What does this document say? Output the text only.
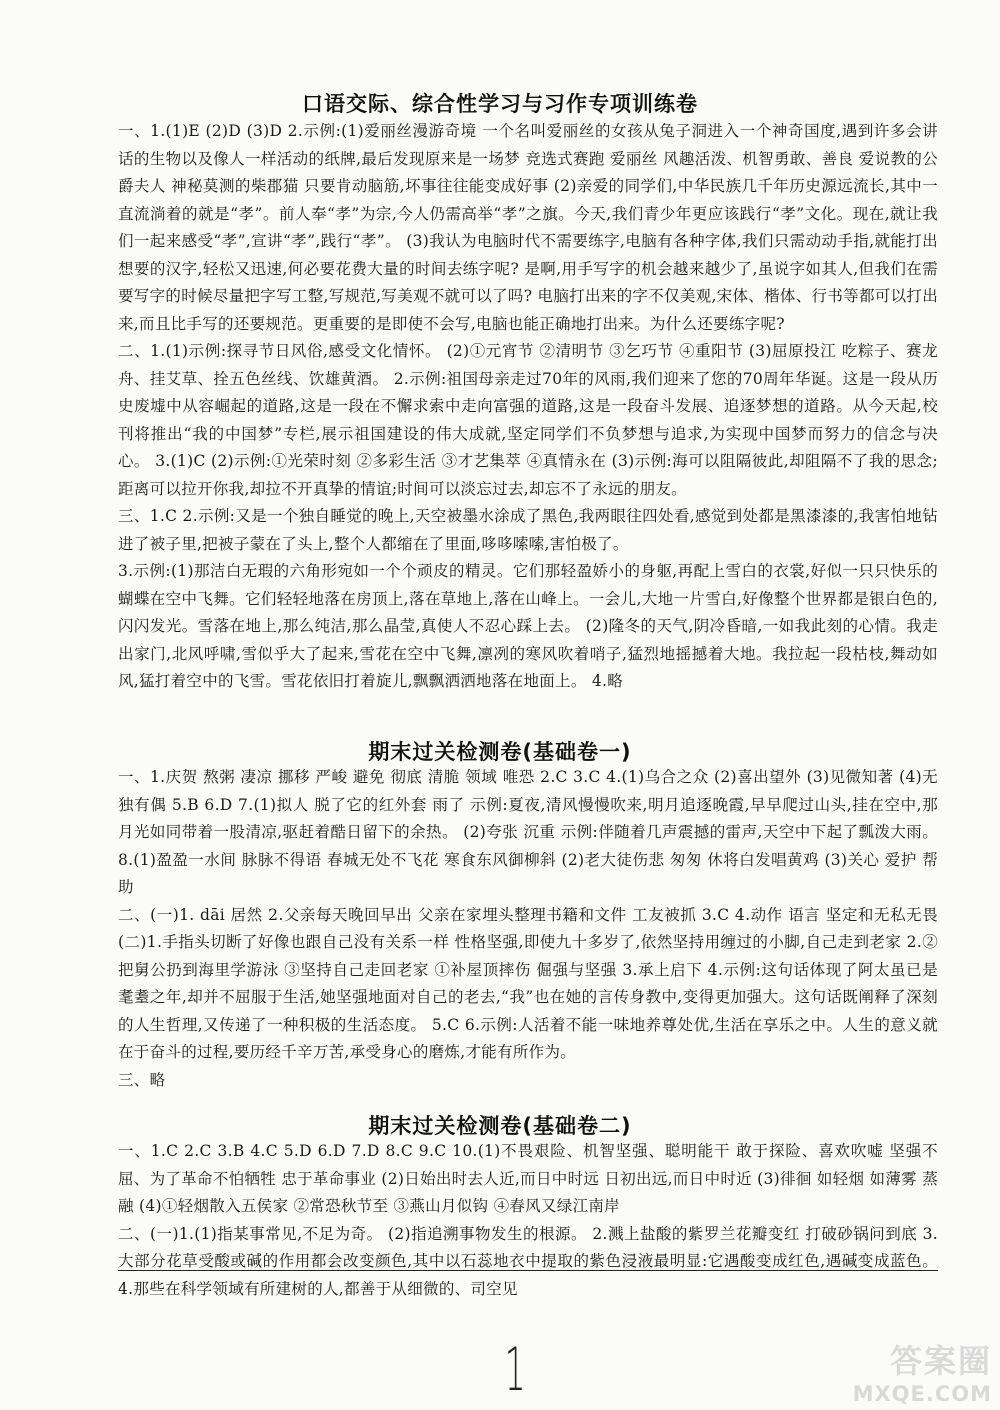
口语交际、综合性学习与习作专项训练卷

一、1.(1)E (2)D (3)D 2.示例:(1)爱丽丝漫游奇境 一个名叫爱丽丝的女孩从兔子洞进入一个神奇国度,遇到许多会讲话的生物以及像人一样活动的纸牌,最后发现原来是一场梦 竞选式赛跑 爱丽丝 风趣活泼、机智勇敢、善良 爱说教的公爵夫人 神秘莫测的柴郡猫 只要肯动脑筋,坏事往往能变成好事 (2)亲爱的同学们,中华民族几千年历史源远流长,其中一直流淌着的就是“孝”。前人奉“孝”为宗,今人仍需高举“孝”之旗。今天,我们青少年更应该践行“孝”文化。现在,就让我们一起来感受“孝”,宣讲“孝”,践行“孝”。 (3)我认为电脑时代不需要练字,电脑有各种字体,我们只需动动手指,就能打出想要的汉字,轻松又迅速,何必要花费大量的时间去练字呢? 是啊,用手写字的机会越来越少了,虽说字如其人,但我们在需要写字的时候尽量把字写工整,写规范,写美观不就可以了吗? 电脑打出来的字不仅美观,宋体、楷体、行书等都可以打出来,而且比手写的还要规范。更重要的是即使不会写,电脑也能正确地打出来。为什么还要练字呢?

二、1.(1)示例:探寻节日风俗,感受文化情怀。 (2)①元宵节 ②清明节 ③乞巧节 ④重阳节 (3)屈原投江 吃粽子、赛龙舟、挂艾草、拴五色丝线、饮雄黄酒。 2.示例:祖国母亲走过70年的风雨,我们迎来了您的70周年华诞。这是一段从历史废墟中从容崛起的道路,这是一段在不懈求索中走向富强的道路,这是一段奋斗发展、追逐梦想的道路。从今天起,校刊将推出“我的中国梦”专栏,展示祖国建设的伟大成就,坚定同学们不负梦想与追求,为实现中国梦而努力的信念与决心。 3.(1)C (2)示例:①光荣时刻 ②多彩生活 ③才艺集萃 ④真情永在 (3)示例:海可以阻隔彼此,却阻隔不了我的思念;距离可以拉开你我,却拉不开真挚的情谊;时间可以淡忘过去,却忘不了永远的朋友。

三、1.C 2.示例:又是一个独自睡觉的晚上,天空被墨水涂成了黑色,我两眼往四处看,感觉到处都是黑漆漆的,我害怕地钻进了被子里,把被子蒙在了头上,整个人都缩在了里面,哆哆嗦嗦,害怕极了。

3.示例:(1)那洁白无瑕的六角形宛如一个个顽皮的精灵。它们那轻盈娇小的身躯,再配上雪白的衣裳,好似一只只快乐的蝴蝶在空中飞舞。它们轻轻地落在房顶上,落在草地上,落在山峰上。一会儿,大地一片雪白,好像整个世界都是银白色的,闪闪发光。雪落在地上,那么纯洁,那么晶莹,真使人不忍心踩上去。 (2)隆冬的天气,阴冷昏暗,一如我此刻的心情。我走出家门,北风呼啸,雪似乎大了起来,雪花在空中飞舞,凛冽的寒风吹着哨子,猛烈地摇撼着大地。我拉起一段枯枝,舞动如风,猛打着空中的飞雪。雪花依旧打着旋儿,飘飘洒洒地落在地面上。 4.略

期末过关检测卷(基础卷一)

一、1.庆贺 熬粥 凄凉 挪移 严峻 避免 彻底 清脆 领域 唯恐 2.C 3.C 4.(1)乌合之众 (2)喜出望外 (3)见微知著 (4)无独有偶 5.B 6.D 7.(1)拟人 脱了它的红外套 雨了 示例:夏夜,清风慢慢吹来,明月追逐晚霞,早早爬过山头,挂在空中,那月光如同带着一股清凉,驱赶着酷日留下的余热。 (2)夸张 沉重 示例:伴随着几声震撼的雷声,天空中下起了瓢泼大雨。 8.(1)盈盈一水间 脉脉不得语 春城无处不飞花 寒食东风御柳斜 (2)老大徒伤悲 匆匆 休将白发唱黄鸡 (3)关心 爱护 帮助

二、(一)1. dāi 居然 2.父亲每天晚回早出 父亲在家埋头整理书籍和文件 工友被抓 3.C 4.动作 语言 坚定和无私无畏 (二)1.手指头切断了好像也跟自己没有关系一样 性格坚强,即使九十多岁了,依然坚持用缠过的小脚,自己走到老家 2.②把舅公扔到海里学游泳 ③坚持自己走回老家 ①补屋顶摔伤 倔强与坚强 3.承上启下 4.示例:这句话体现了阿太虽已是耄耋之年,却并不屈服于生活,她坚强地面对自己的老去,“我”也在她的言传身教中,变得更加强大。这句话既阐释了深刻的人生哲理,又传递了一种积极的生活态度。 5.C 6.示例:人活着不能一味地养尊处优,生活在享乐之中。人生的意义就在于奋斗的过程,要历经千辛万苦,承受身心的磨炼,才能有所作为。

三、略

期末过关检测卷(基础卷二)

一、1.C 2.C 3.B 4.C 5.D 6.D 7.D 8.C 9.C 10.(1)不畏艰险、机智坚强、聪明能干 敢于探险、喜欢吹嘘 坚强不屈、为了革命不怕牺牲 忠于革命事业 (2)日始出时去人近,而日中时远 日初出远,而日中时近 (3)徘徊 如轻烟 如薄雾 蒸融 (4)①轻烟散入五侯家 ②常恐秋节至 ③燕山月似钩 ④春风又绿江南岸

二、(一)1.(1)指某事常见,不足为奇。 (2)指追溯事物发生的根源。 2.溅上盐酸的紫罗兰花瓣变红 打破砂锅问到底 3.大部分花草受酸或碱的作用都会改变颜色,其中以石蕊地衣中提取的紫色浸液最明显:它遇酸变成红色,遇碱变成蓝色。 4.那些在科学领域有所建树的人,都善于从细微的、司空见

1	答案圈
MXQE.COM
